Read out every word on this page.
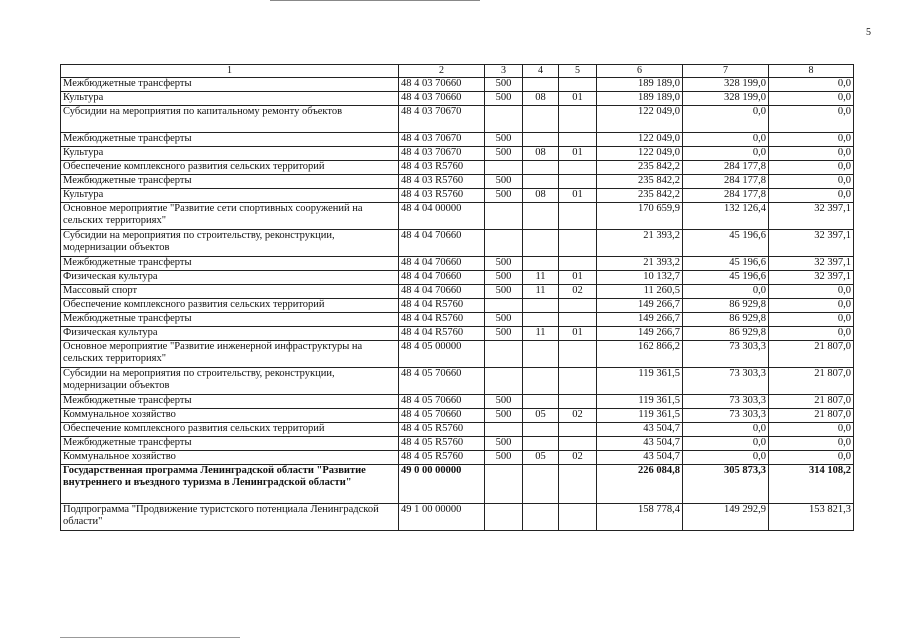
5
1	2	3	4	5	6	7	8
Межбюджетные трансферты	48 4 03 70660	500			189 189,0	328 199,0	0,0
Культура	48 4 03 70660	500	08	01	189 189,0	328 199,0	0,0
Субсидии на мероприятия по капитальному ремонту объектов	48 4 03 70670				122 049,0	0,0	0,0
Межбюджетные трансферты	48 4 03 70670	500			122 049,0	0,0	0,0
Культура	48 4 03 70670	500	08	01	122 049,0	0,0	0,0
Обеспечение комплексного развития сельских территорий	48 4 03 R5760				235 842,2	284 177,8	0,0
Межбюджетные трансферты	48 4 03 R5760	500			235 842,2	284 177,8	0,0
Культура	48 4 03 R5760	500	08	01	235 842,2	284 177,8	0,0
Основное мероприятие "Развитие сети спортивных сооружений на сельских территориях"	48 4 04 00000				170 659,9	132 126,4	32 397,1
Субсидии на мероприятия по строительству, реконструкции, модернизации объектов	48 4 04 70660				21 393,2	45 196,6	32 397,1
Межбюджетные трансферты	48 4 04 70660	500			21 393,2	45 196,6	32 397,1
Физическая культура	48 4 04 70660	500	11	01	10 132,7	45 196,6	32 397,1
Массовый спорт	48 4 04 70660	500	11	02	11 260,5	0,0	0,0
Обеспечение комплексного развития сельских территорий	48 4 04 R5760				149 266,7	86 929,8	0,0
Межбюджетные трансферты	48 4 04 R5760	500			149 266,7	86 929,8	0,0
Физическая культура	48 4 04 R5760	500	11	01	149 266,7	86 929,8	0,0
Основное мероприятие "Развитие инженерной инфраструктуры на сельских территориях"	48 4 05 00000				162 866,2	73 303,3	21 807,0
Субсидии на мероприятия по строительству, реконструкции, модернизации объектов	48 4 05 70660				119 361,5	73 303,3	21 807,0
Межбюджетные трансферты	48 4 05 70660	500			119 361,5	73 303,3	21 807,0
Коммунальное хозяйство	48 4 05 70660	500	05	02	119 361,5	73 303,3	21 807,0
Обеспечение комплексного развития сельских территорий	48 4 05 R5760				43 504,7	0,0	0,0
Межбюджетные трансферты	48 4 05 R5760	500			43 504,7	0,0	0,0
Коммунальное хозяйство	48 4 05 R5760	500	05	02	43 504,7	0,0	0,0
Государственная программа Ленинградской области "Развитие внутреннего и въездного туризма в Ленинградской области"	49 0 00 00000				226 084,8	305 873,3	314 108,2
Подпрограмма "Продвижение туристского потенциала Ленинградской области"	49 1 00 00000				158 778,4	149 292,9	153 821,3
